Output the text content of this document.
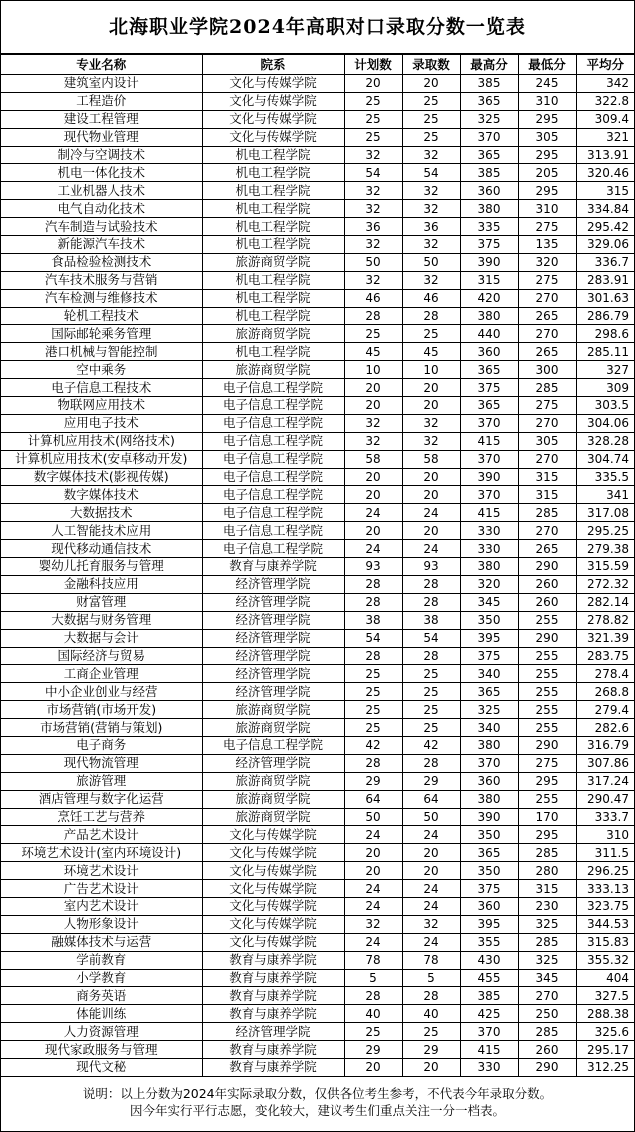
北海职业学院2024年高职对口录取分数一览表
专业名称	院系	计划数	录取数	最高分	最低分	平均分
建筑室内设计	文化与传媒学院	20	20	385	245	342
工程造价	文化与传媒学院	25	25	365	310	322.8
建设工程管理	文化与传媒学院	25	25	325	295	309.4
现代物业管理	文化与传媒学院	25	25	370	305	321
制冷与空调技术	机电工程学院	32	32	365	295	313.91
机电一体化技术	机电工程学院	54	54	385	205	320.46
工业机器人技术	机电工程学院	32	32	360	295	315
电气自动化技术	机电工程学院	32	32	380	310	334.84
汽车制造与试验技术	机电工程学院	36	36	335	275	295.42
新能源汽车技术	机电工程学院	32	32	375	135	329.06
食品检验检测技术	旅游商贸学院	50	50	390	320	336.7
汽车技术服务与营销	机电工程学院	32	32	315	275	283.91
汽车检测与维修技术	机电工程学院	46	46	420	270	301.63
轮机工程技术	机电工程学院	28	28	380	265	286.79
国际邮轮乘务管理	旅游商贸学院	25	25	440	270	298.6
港口机械与智能控制	机电工程学院	45	45	360	265	285.11
空中乘务	旅游商贸学院	10	10	365	300	327
电子信息工程技术	电子信息工程学院	20	20	375	285	309
物联网应用技术	电子信息工程学院	20	20	365	275	303.5
应用电子技术	电子信息工程学院	32	32	370	270	304.06
计算机应用技术(网络技术)	电子信息工程学院	32	32	415	305	328.28
计算机应用技术(安卓移动开发)	电子信息工程学院	58	58	370	270	304.74
数字媒体技术(影视传媒)	电子信息工程学院	20	20	390	315	335.5
数字媒体技术	电子信息工程学院	20	20	370	315	341
大数据技术	电子信息工程学院	24	24	415	285	317.08
人工智能技术应用	电子信息工程学院	20	20	330	270	295.25
现代移动通信技术	电子信息工程学院	24	24	330	265	279.38
婴幼儿托育服务与管理	教育与康养学院	93	93	380	290	315.59
金融科技应用	经济管理学院	28	28	320	260	272.32
财富管理	经济管理学院	28	28	345	260	282.14
大数据与财务管理	经济管理学院	38	38	350	255	278.82
大数据与会计	经济管理学院	54	54	395	290	321.39
国际经济与贸易	经济管理学院	28	28	375	255	283.75
工商企业管理	经济管理学院	25	25	340	255	278.4
中小企业创业与经营	经济管理学院	25	25	365	255	268.8
市场营销(市场开发)	旅游商贸学院	25	25	325	255	279.4
市场营销(营销与策划)	旅游商贸学院	25	25	340	255	282.6
电子商务	电子信息工程学院	42	42	380	290	316.79
现代物流管理	经济管理学院	28	28	370	275	307.86
旅游管理	旅游商贸学院	29	29	360	295	317.24
酒店管理与数字化运营	旅游商贸学院	64	64	380	255	290.47
烹饪工艺与营养	旅游商贸学院	50	50	390	170	333.7
产品艺术设计	文化与传媒学院	24	24	350	295	310
环境艺术设计(室内环境设计)	文化与传媒学院	20	20	365	285	311.5
环境艺术设计	文化与传媒学院	20	20	350	280	296.25
广告艺术设计	文化与传媒学院	24	24	375	315	333.13
室内艺术设计	文化与传媒学院	24	24	360	230	323.75
人物形象设计	文化与传媒学院	32	32	395	325	344.53
融媒体技术与运营	文化与传媒学院	24	24	355	285	315.83
学前教育	教育与康养学院	78	78	430	325	355.32
小学教育	教育与康养学院	5	5	455	345	404
商务英语	教育与康养学院	28	28	385	270	327.5
体能训练	教育与康养学院	40	40	425	250	288.38
人力资源管理	经济管理学院	25	25	370	285	325.6
现代家政服务与管理	教育与康养学院	29	29	415	260	295.17
现代文秘	教育与康养学院	20	20	330	290	312.25
说明：以上分数为2024年实际录取分数，仅供各位考生参考，不代表今年录取分数。
因今年实行平行志愿，变化较大，建议考生们重点关注一分一档表。
